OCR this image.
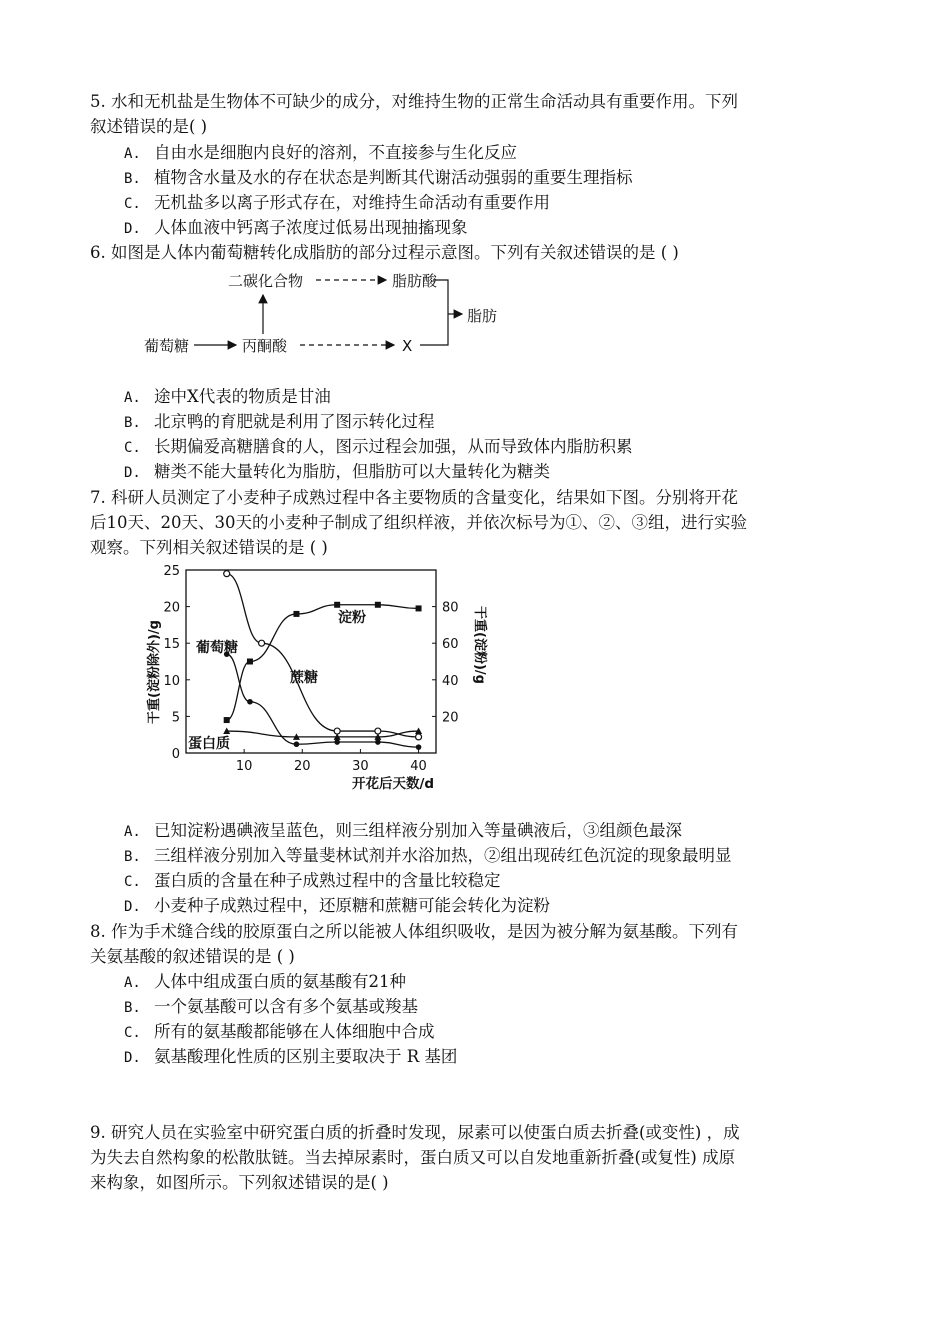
5. 水和无机盐是生物体不可缺少的成分，对维持生物的正常生命活动具有重要作用。下列
叙述错误的是( )
A. 自由水是细胞内良好的溶剂，不直接参与生化反应
B. 植物含水量及水的存在状态是判断其代谢活动强弱的重要生理指标
C. 无机盐多以离子形式存在，对维持生命活动有重要作用
D. 人体血液中钙离子浓度过低易出现抽搐现象
6. 如图是人体内葡萄糖转化成脂肪的部分过程示意图。下列有关叙述错误的是 ( )
二碳化合物	脂肪酸
脂肪
葡萄糖	丙酮酸	X
A. 途中X代表的物质是甘油
B. 北京鸭的育肥就是利用了图示转化过程
C. 长期偏爱高糖膳食的人，图示过程会加强，从而导致体内脂肪积累
D. 糖类不能大量转化为脂肪，但脂肪可以大量转化为糖类
7. 科研人员测定了小麦种子成熟过程中各主要物质的含量变化，结果如下图。分别将开花
后10天、20天、30天的小麦种子制成了组织样液，并依次标号为①、②、③组，进行实验
观察。下列相关叙述错误的是 ( )
10	20	30	40
0
5
10
15
20
25
20
40
60
80
葡萄糖
蔗糖
蛋白质
淀粉
开花后天数/d
干重(淀粉除外)/g	干重(淀粉)/g
A. 已知淀粉遇碘液呈蓝色，则三组样液分别加入等量碘液后，③组颜色最深
B. 三组样液分别加入等量斐林试剂并水浴加热，②组出现砖红色沉淀的现象最明显
C. 蛋白质的含量在种子成熟过程中的含量比较稳定
D. 小麦种子成熟过程中，还原糖和蔗糖可能会转化为淀粉
8. 作为手术缝合线的胶原蛋白之所以能被人体组织吸收，是因为被分解为氨基酸。下列有
关氨基酸的叙述错误的是 ( )
A. 人体中组成蛋白质的氨基酸有21种
B. 一个氨基酸可以含有多个氨基或羧基
C. 所有的氨基酸都能够在人体细胞中合成
D. 氨基酸理化性质的区别主要取决于 R 基团
9. 研究人员在实验室中研究蛋白质的折叠时发现，尿素可以使蛋白质去折叠(或变性) ，成
为失去自然构象的松散肽链。当去掉尿素时，蛋白质又可以自发地重新折叠(或复性) 成原
来构象，如图所示。下列叙述错误的是( )
